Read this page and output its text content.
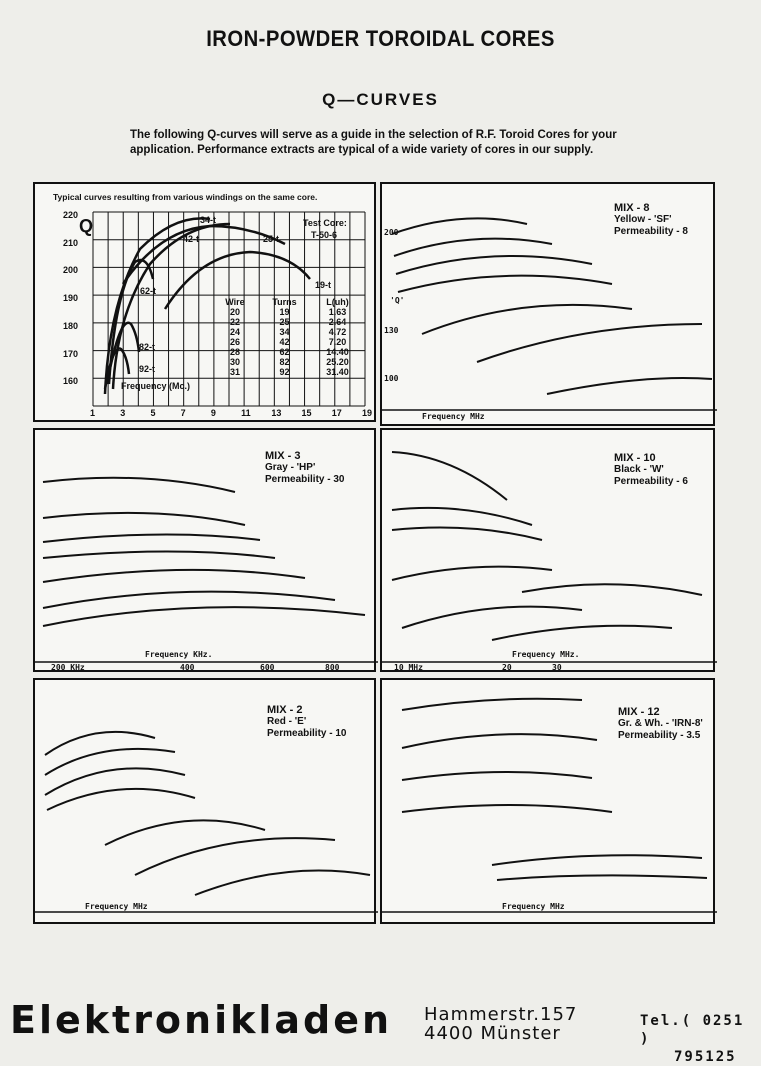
IRON-POWDER TOROIDAL CORES
Q—CURVES
The following Q-curves will serve as a guide in the selection of R.F. Toroid Cores for your application. Performance extracts are typical of a wide variety of cores in our supply.
Typical curves resulting from various windings on the same core.
Q	Test Core:
T-50-6
34-t
42-t	25-t
62-t
19-t
82-t
92-t
Frequency (Mc.)
220
210
200
190
180
170
160
1	3	5	7	9	11 13 15 17 19
Wire	Turns	L(uh)
20	19	1.63
22	25	2.64
24	34	4.72
26	42	7.20
28	62	14.40
30	82	25.20
31	92	31.40
MIX - 8
Yellow - 'SF'
Permeability - 8
200
'Q'
130
100
Frequency MHz
MIX - 3
Gray - 'HP'
Permeability - 30
Frequency KHz.
200 KHz	400	600	800
MIX - 10
Black - 'W'
Permeability - 6
Frequency MHz.
10 MHz	20	30
MIX - 2
Red - 'E'
Permeability - 10
Frequency MHz
MIX - 12
Gr. & Wh. - 'IRN-8'
Permeability - 3.5
Frequency MHz
Elektronikladen Hammerstr.157
4400 Münster
Tel.( 0251 )
795125
